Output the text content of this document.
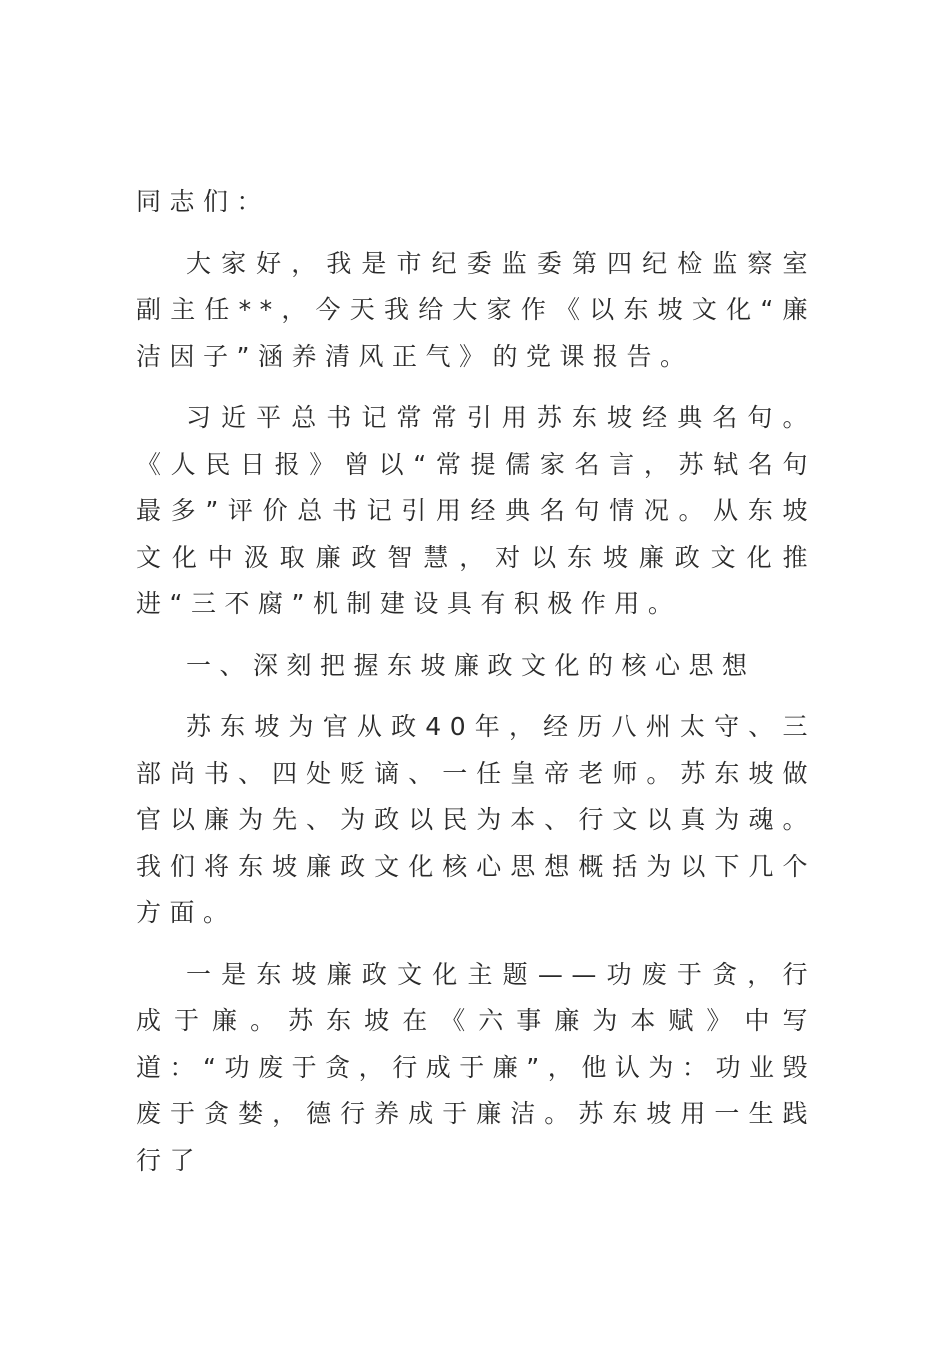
同志们：

大家好，我是市纪委监委第四纪检监察室副主任**，今天我给大家作《以东坡文化“廉洁因子”涵养清风正气》的党课报告。

习近平总书记常常引用苏东坡经典名句。《人民日报》曾以“常提儒家名言，苏轼名句最多”评价总书记引用经典名句情况。从东坡文化中汲取廉政智慧，对以东坡廉政文化推进“三不腐”机制建设具有积极作用。

一、深刻把握东坡廉政文化的核心思想

苏东坡为官从政40年，经历八州太守、三部尚书、四处贬谪、一任皇帝老师。苏东坡做官以廉为先、为政以民为本、行文以真为魂。我们将东坡廉政文化核心思想概括为以下几个方面。

一是东坡廉政文化主题——功废于贪，行成于廉。苏东坡在《六事廉为本赋》中写道：“功废于贪，行成于廉”，他认为：功业毁废于贪婪，德行养成于廉洁。苏东坡用一生践行了
